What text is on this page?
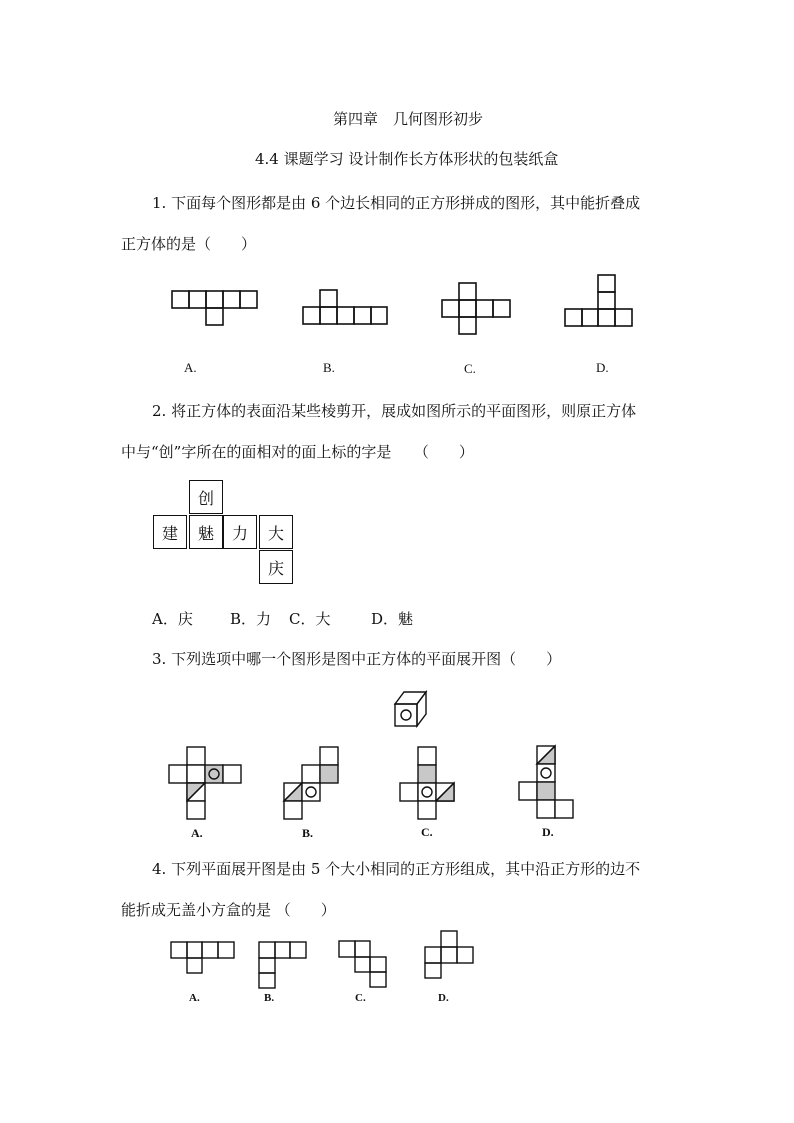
第四章　几何图形初步
4.4 课题学习 设计制作长方体形状的包装纸盒
1. 下面每个图形都是由 6 个边长相同的正方形拼成的图形，其中能折叠成
正方体的是（　　）
A.	B.	C.	D.
2. 将正方体的表面沿某些棱剪开，展成如图所示的平面图形，则原正方体
中与“创”字所在的面相对的面上标的字是　　（　　）
创
建	魅	力	大
庆
A．庆 B．力 C．大	D．魅
3. 下列选项中哪一个图形是图中正方体的平面展开图（　　）
A.	B.	C.	D.
4. 下列平面展开图是由 5 个大小相同的正方形组成，其中沿正方形的边不
能折成无盖小方盒的是 （　　）
A.	B.	C.	D.
